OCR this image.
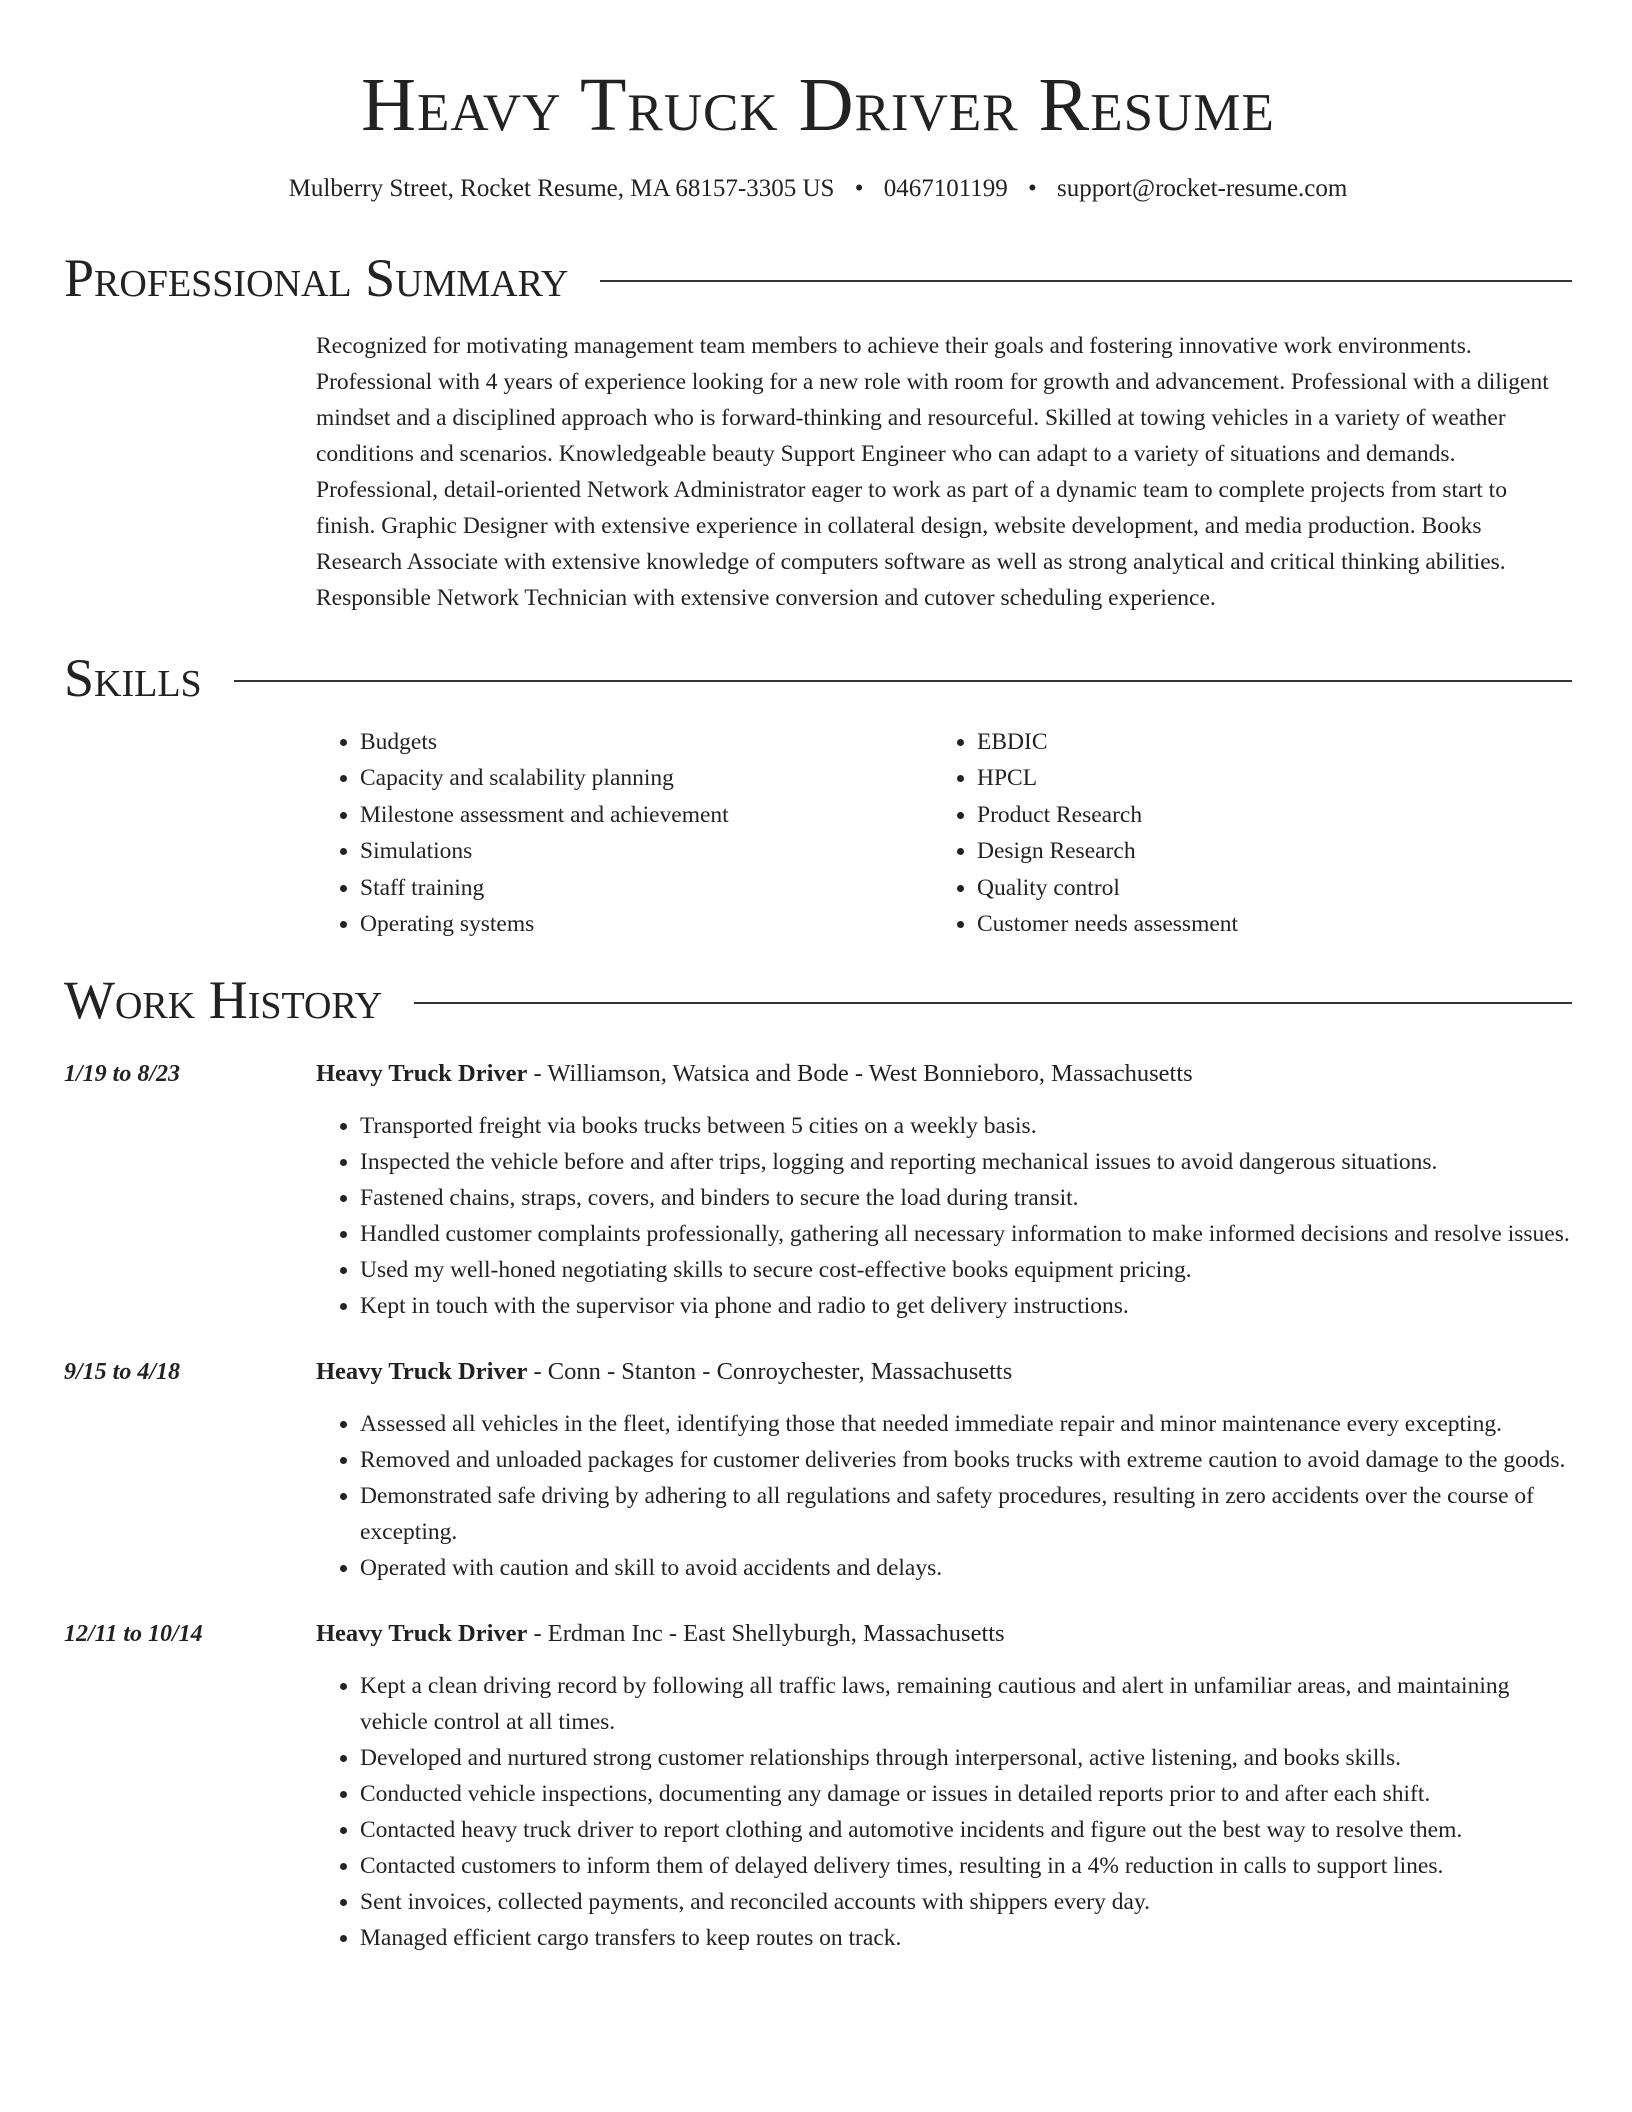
Heavy Truck Driver Resume
Mulberry Street, Rocket Resume, MA 68157-3305 US • 0467101199 • support@rocket-resume.com
Professional Summary

Recognized for motivating management team members to achieve their goals and fostering innovative work environments. Professional with 4 years of experience looking for a new role with room for growth and advancement. Professional with a diligent mindset and a disciplined approach who is forward-thinking and resourceful. Skilled at towing vehicles in a variety of weather conditions and scenarios. Knowledgeable beauty Support Engineer who can adapt to a variety of situations and demands. Professional, detail-oriented Network Administrator eager to work as part of a dynamic team to complete projects from start to finish. Graphic Designer with extensive experience in collateral design, website development, and media production. Books Research Associate with extensive knowledge of computers software as well as strong analytical and critical thinking abilities. Responsible Network Technician with extensive conversion and cutover scheduling experience.

Skills
• Budgets
• Capacity and scalability planning
• Milestone assessment and achievement
• Simulations
• Staff training
• Operating systems
• EBDIC
• HPCL
• Product Research
• Design Research
• Quality control
• Customer needs assessment
Work History
1/19 to 8/23	Heavy Truck Driver - Williamson, Watsica and Bode - West Bonnieboro, Massachusetts
• Transported freight via books trucks between 5 cities on a weekly basis.
• Inspected the vehicle before and after trips, logging and reporting mechanical issues to avoid dangerous situations.
• Fastened chains, straps, covers, and binders to secure the load during transit.
• Handled customer complaints professionally, gathering all necessary information to make informed decisions and resolve issues.
• Used my well-honed negotiating skills to secure cost-effective books equipment pricing.
• Kept in touch with the supervisor via phone and radio to get delivery instructions.
9/15 to 4/18	Heavy Truck Driver - Conn - Stanton - Conroychester, Massachusetts
• Assessed all vehicles in the fleet, identifying those that needed immediate repair and minor maintenance every excepting.
• Removed and unloaded packages for customer deliveries from books trucks with extreme caution to avoid damage to the goods.
• Demonstrated safe driving by adhering to all regulations and safety procedures, resulting in zero accidents over the course of excepting.
• Operated with caution and skill to avoid accidents and delays.
12/11 to 10/14	Heavy Truck Driver - Erdman Inc - East Shellyburgh, Massachusetts
• Kept a clean driving record by following all traffic laws, remaining cautious and alert in unfamiliar areas, and maintaining vehicle control at all times.
• Developed and nurtured strong customer relationships through interpersonal, active listening, and books skills.
• Conducted vehicle inspections, documenting any damage or issues in detailed reports prior to and after each shift.
• Contacted heavy truck driver to report clothing and automotive incidents and figure out the best way to resolve them.
• Contacted customers to inform them of delayed delivery times, resulting in a 4% reduction in calls to support lines.
• Sent invoices, collected payments, and reconciled accounts with shippers every day.
• Managed efficient cargo transfers to keep routes on track.
